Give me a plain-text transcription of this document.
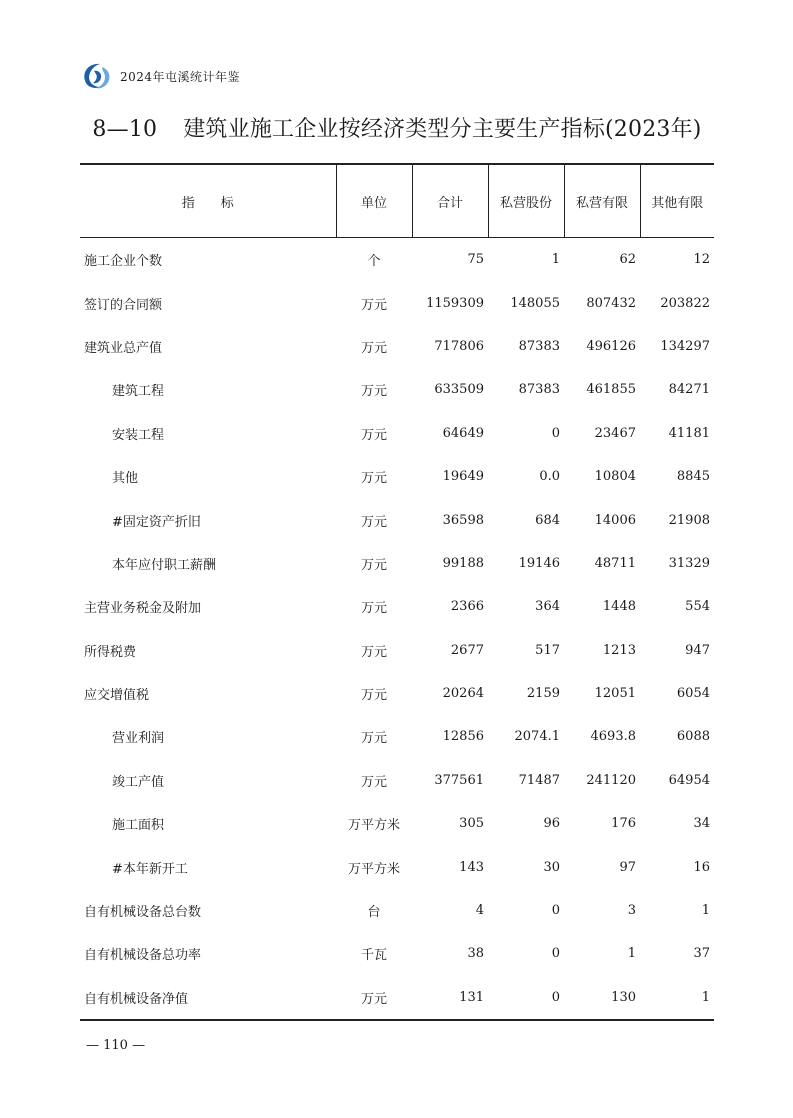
2024年屯溪统计年鉴
8—10 建筑业施工企业按经济类型分主要生产指标(2023年)
指　　标	单位	合计	私营股份	私营有限	其他有限
施工企业个数	个	75	1	62	12
签订的合同额	万元	1159309	148055	807432	203822
建筑业总产值	万元	717806	87383	496126	134297
建筑工程	万元	633509	87383	461855	84271
安装工程	万元	64649	0	23467	41181
其他	万元	19649	0.0	10804	8845
#固定资产折旧	万元	36598	684	14006	21908
本年应付职工薪酬	万元	99188	19146	48711	31329
主营业务税金及附加	万元	2366	364	1448	554
所得税费	万元	2677	517	1213	947
应交增值税	万元	20264	2159	12051	6054
营业利润	万元	12856	2074.1	4693.8	6088
竣工产值	万元	377561	71487	241120	64954
施工面积	万平方米	305	96	176	34
#本年新开工	万平方米	143	30	97	16
自有机械设备总台数	台	4	0	3	1
自有机械设备总功率	千瓦	38	0	1	37
自有机械设备净值	万元	131	0	130	1
— 110 —
